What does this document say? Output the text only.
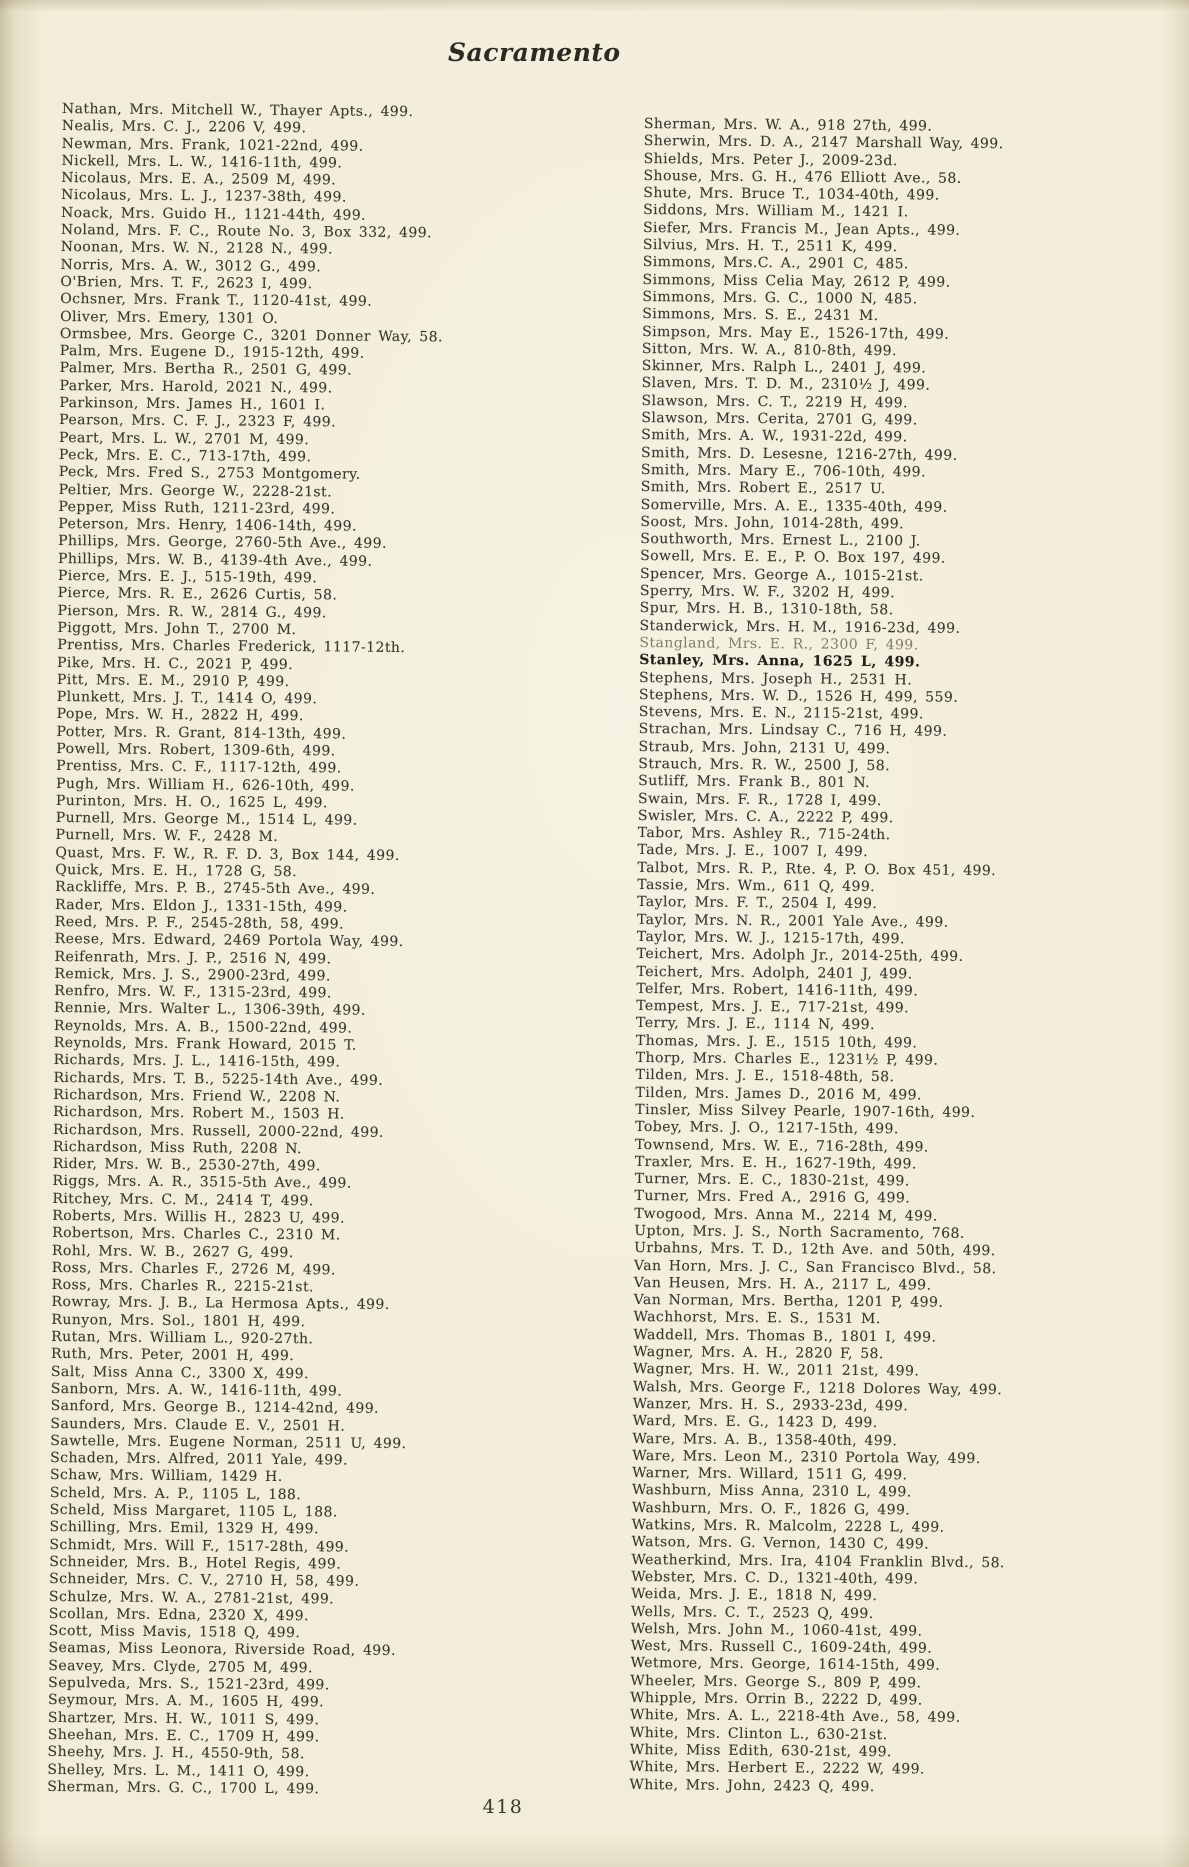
Sacramento
Nathan, Mrs. Mitchell W., Thayer Apts., 499.
Nealis, Mrs. C. J., 2206 V, 499.
Newman, Mrs. Frank, 1021-22nd, 499.
Nickell, Mrs. L. W., 1416-11th, 499.
Nicolaus, Mrs. E. A., 2509 M, 499.
Nicolaus, Mrs. L. J., 1237-38th, 499.
Noack, Mrs. Guido H., 1121-44th, 499.
Noland, Mrs. F. C., Route No. 3, Box 332, 499.
Noonan, Mrs. W. N., 2128 N., 499.
Norris, Mrs. A. W., 3012 G., 499.
O'Brien, Mrs. T. F., 2623 I, 499.
Ochsner, Mrs. Frank T., 1120-41st, 499.
Oliver, Mrs. Emery, 1301 O.
Ormsbee, Mrs. George C., 3201 Donner Way, 58.
Palm, Mrs. Eugene D., 1915-12th, 499.
Palmer, Mrs. Bertha R., 2501 G, 499.
Parker, Mrs. Harold, 2021 N., 499.
Parkinson, Mrs. James H., 1601 I.
Pearson, Mrs. C. F. J., 2323 F, 499.
Peart, Mrs. L. W., 2701 M, 499.
Peck, Mrs. E. C., 713-17th, 499.
Peck, Mrs. Fred S., 2753 Montgomery.
Peltier, Mrs. George W., 2228-21st.
Pepper, Miss Ruth, 1211-23rd, 499.
Peterson, Mrs. Henry, 1406-14th, 499.
Phillips, Mrs. George, 2760-5th Ave., 499.
Phillips, Mrs. W. B., 4139-4th Ave., 499.
Pierce, Mrs. E. J., 515-19th, 499.
Pierce, Mrs. R. E., 2626 Curtis, 58.
Pierson, Mrs. R. W., 2814 G., 499.
Piggott, Mrs. John T., 2700 M.
Prentiss, Mrs. Charles Frederick, 1117-12th.
Pike, Mrs. H. C., 2021 P, 499.
Pitt, Mrs. E. M., 2910 P, 499.
Plunkett, Mrs. J. T., 1414 O, 499.
Pope, Mrs. W. H., 2822 H, 499.
Potter, Mrs. R. Grant, 814-13th, 499.
Powell, Mrs. Robert, 1309-6th, 499.
Prentiss, Mrs. C. F., 1117-12th, 499.
Pugh, Mrs. William H., 626-10th, 499.
Purinton, Mrs. H. O., 1625 L, 499.
Purnell, Mrs. George M., 1514 L, 499.
Purnell, Mrs. W. F., 2428 M.
Quast, Mrs. F. W., R. F. D. 3, Box 144, 499.
Quick, Mrs. E. H., 1728 G, 58.
Rackliffe, Mrs. P. B., 2745-5th Ave., 499.
Rader, Mrs. Eldon J., 1331-15th, 499.
Reed, Mrs. P. F., 2545-28th, 58, 499.
Reese, Mrs. Edward, 2469 Portola Way, 499.
Reifenrath, Mrs. J. P., 2516 N, 499.
Remick, Mrs. J. S., 2900-23rd, 499.
Renfro, Mrs. W. F., 1315-23rd, 499.
Rennie, Mrs. Walter L., 1306-39th, 499.
Reynolds, Mrs. A. B., 1500-22nd, 499.
Reynolds, Mrs. Frank Howard, 2015 T.
Richards, Mrs. J. L., 1416-15th, 499.
Richards, Mrs. T. B., 5225-14th Ave., 499.
Richardson, Mrs. Friend W., 2208 N.
Richardson, Mrs. Robert M., 1503 H.
Richardson, Mrs. Russell, 2000-22nd, 499.
Richardson, Miss Ruth, 2208 N.
Rider, Mrs. W. B., 2530-27th, 499.
Riggs, Mrs. A. R., 3515-5th Ave., 499.
Ritchey, Mrs. C. M., 2414 T, 499.
Roberts, Mrs. Willis H., 2823 U, 499.
Robertson, Mrs. Charles C., 2310 M.
Rohl, Mrs. W. B., 2627 G, 499.
Ross, Mrs. Charles F., 2726 M, 499.
Ross, Mrs. Charles R., 2215-21st.
Rowray, Mrs. J. B., La Hermosa Apts., 499.
Runyon, Mrs. Sol., 1801 H, 499.
Rutan, Mrs. William L., 920-27th.
Ruth, Mrs. Peter, 2001 H, 499.
Salt, Miss Anna C., 3300 X, 499.
Sanborn, Mrs. A. W., 1416-11th, 499.
Sanford, Mrs. George B., 1214-42nd, 499.
Saunders, Mrs. Claude E. V., 2501 H.
Sawtelle, Mrs. Eugene Norman, 2511 U, 499.
Schaden, Mrs. Alfred, 2011 Yale, 499.
Schaw, Mrs. William, 1429 H.
Scheld, Mrs. A. P., 1105 L, 188.
Scheld, Miss Margaret, 1105 L, 188.
Schilling, Mrs. Emil, 1329 H, 499.
Schmidt, Mrs. Will F., 1517-28th, 499.
Schneider, Mrs. B., Hotel Regis, 499.
Schneider, Mrs. C. V., 2710 H, 58, 499.
Schulze, Mrs. W. A., 2781-21st, 499.
Scollan, Mrs. Edna, 2320 X, 499.
Scott, Miss Mavis, 1518 Q, 499.
Seamas, Miss Leonora, Riverside Road, 499.
Seavey, Mrs. Clyde, 2705 M, 499.
Sepulveda, Mrs. S., 1521-23rd, 499.
Seymour, Mrs. A. M., 1605 H, 499.
Shartzer, Mrs. H. W., 1011 S, 499.
Sheehan, Mrs. E. C., 1709 H, 499.
Sheehy, Mrs. J. H., 4550-9th, 58.
Shelley, Mrs. L. M., 1411 O, 499.
Sherman, Mrs. G. C., 1700 L, 499.
Sherman, Mrs. W. A., 918 27th, 499.
Sherwin, Mrs. D. A., 2147 Marshall Way, 499.
Shields, Mrs. Peter J., 2009-23d.
Shouse, Mrs. G. H., 476 Elliott Ave., 58.
Shute, Mrs. Bruce T., 1034-40th, 499.
Siddons, Mrs. William M., 1421 I.
Siefer, Mrs. Francis M., Jean Apts., 499.
Silvius, Mrs. H. T., 2511 K, 499.
Simmons, Mrs.C. A., 2901 C, 485.
Simmons, Miss Celia May, 2612 P, 499.
Simmons, Mrs. G. C., 1000 N, 485.
Simmons, Mrs. S. E., 2431 M.
Simpson, Mrs. May E., 1526-17th, 499.
Sitton, Mrs. W. A., 810-8th, 499.
Skinner, Mrs. Ralph L., 2401 J, 499.
Slaven, Mrs. T. D. M., 2310½ J, 499.
Slawson, Mrs. C. T., 2219 H, 499.
Slawson, Mrs. Cerita, 2701 G, 499.
Smith, Mrs. A. W., 1931-22d, 499.
Smith, Mrs. D. Lesesne, 1216-27th, 499.
Smith, Mrs. Mary E., 706-10th, 499.
Smith, Mrs. Robert E., 2517 U.
Somerville, Mrs. A. E., 1335-40th, 499.
Soost, Mrs. John, 1014-28th, 499.
Southworth, Mrs. Ernest L., 2100 J.
Sowell, Mrs. E. E., P. O. Box 197, 499.
Spencer, Mrs. George A., 1015-21st.
Sperry, Mrs. W. F., 3202 H, 499.
Spur, Mrs. H. B., 1310-18th, 58.
Standerwick, Mrs. H. M., 1916-23d, 499.
Stangland, Mrs. E. R., 2300 F, 499.
Stanley, Mrs. Anna, 1625 L, 499.
Stephens, Mrs. Joseph H., 2531 H.
Stephens, Mrs. W. D., 1526 H, 499, 559.
Stevens, Mrs. E. N., 2115-21st, 499.
Strachan, Mrs. Lindsay C., 716 H, 499.
Straub, Mrs. John, 2131 U, 499.
Strauch, Mrs. R. W., 2500 J, 58.
Sutliff, Mrs. Frank B., 801 N.
Swain, Mrs. F. R., 1728 I, 499.
Swisler, Mrs. C. A., 2222 P, 499.
Tabor, Mrs. Ashley R., 715-24th.
Tade, Mrs. J. E., 1007 I, 499.
Talbot, Mrs. R. P., Rte. 4, P. O. Box 451, 499.
Tassie, Mrs. Wm., 611 Q, 499.
Taylor, Mrs. F. T., 2504 I, 499.
Taylor, Mrs. N. R., 2001 Yale Ave., 499.
Taylor, Mrs. W. J., 1215-17th, 499.
Teichert, Mrs. Adolph Jr., 2014-25th, 499.
Teichert, Mrs. Adolph, 2401 J, 499.
Telfer, Mrs. Robert, 1416-11th, 499.
Tempest, Mrs. J. E., 717-21st, 499.
Terry, Mrs. J. E., 1114 N, 499.
Thomas, Mrs. J. E., 1515 10th, 499.
Thorp, Mrs. Charles E., 1231½ P, 499.
Tilden, Mrs. J. E., 1518-48th, 58.
Tilden, Mrs. James D., 2016 M, 499.
Tinsler, Miss Silvey Pearle, 1907-16th, 499.
Tobey, Mrs. J. O., 1217-15th, 499.
Townsend, Mrs. W. E., 716-28th, 499.
Traxler, Mrs. E. H., 1627-19th, 499.
Turner, Mrs. E. C., 1830-21st, 499.
Turner, Mrs. Fred A., 2916 G, 499.
Twogood, Mrs. Anna M., 2214 M, 499.
Upton, Mrs. J. S., North Sacramento, 768.
Urbahns, Mrs. T. D., 12th Ave. and 50th, 499.
Van Horn, Mrs. J. C., San Francisco Blvd., 58.
Van Heusen, Mrs. H. A., 2117 L, 499.
Van Norman, Mrs. Bertha, 1201 P, 499.
Wachhorst, Mrs. E. S., 1531 M.
Waddell, Mrs. Thomas B., 1801 I, 499.
Wagner, Mrs. A. H., 2820 F, 58.
Wagner, Mrs. H. W., 2011 21st, 499.
Walsh, Mrs. George F., 1218 Dolores Way, 499.
Wanzer, Mrs. H. S., 2933-23d, 499.
Ward, Mrs. E. G., 1423 D, 499.
Ware, Mrs. A. B., 1358-40th, 499.
Ware, Mrs. Leon M., 2310 Portola Way, 499.
Warner, Mrs. Willard, 1511 G, 499.
Washburn, Miss Anna, 2310 L, 499.
Washburn, Mrs. O. F., 1826 G, 499.
Watkins, Mrs. R. Malcolm, 2228 L, 499.
Watson, Mrs. G. Vernon, 1430 C, 499.
Weatherkind, Mrs. Ira, 4104 Franklin Blvd., 58.
Webster, Mrs. C. D., 1321-40th, 499.
Weida, Mrs. J. E., 1818 N, 499.
Wells, Mrs. C. T., 2523 Q, 499.
Welsh, Mrs. John M., 1060-41st, 499.
West, Mrs. Russell C., 1609-24th, 499.
Wetmore, Mrs. George, 1614-15th, 499.
Wheeler, Mrs. George S., 809 P, 499.
Whipple, Mrs. Orrin B., 2222 D, 499.
White, Mrs. A. L., 2218-4th Ave., 58, 499.
White, Mrs. Clinton L., 630-21st.
White, Miss Edith, 630-21st, 499.
White, Mrs. Herbert E., 2222 W, 499.
White, Mrs. John, 2423 Q, 499.
418
